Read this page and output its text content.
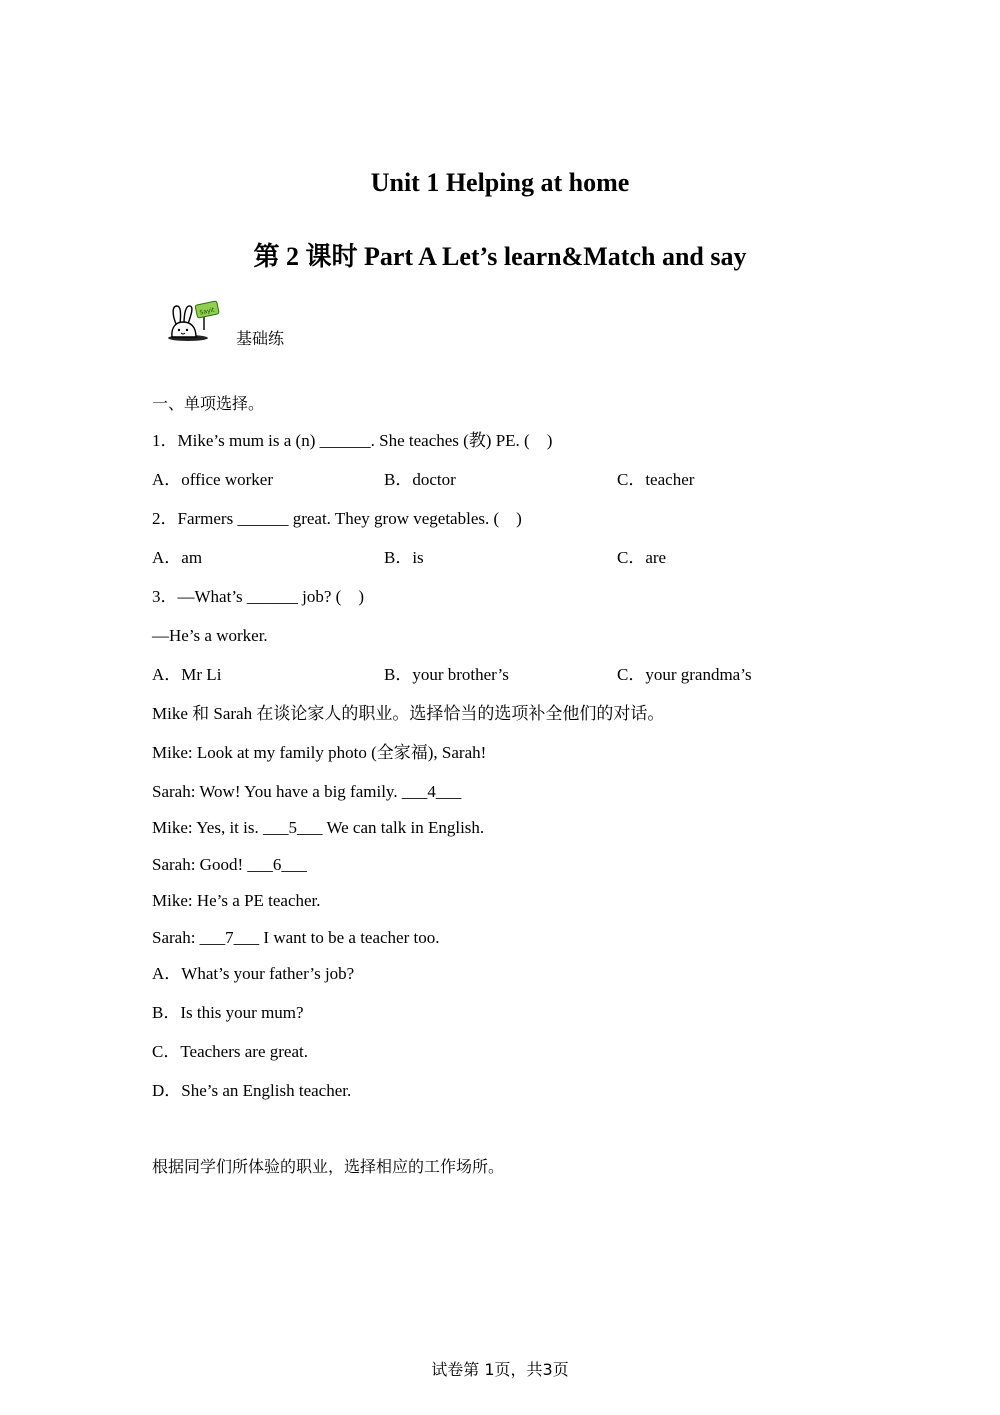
Unit 1 Helping at home
第 2 课时 Part A Let’s learn&Match and say
Sayit
基础练
一、单项选择。
1．Mike’s mum is a (n) ______. She teaches (教) PE. (　)
A．office worker	B．doctor	C．teacher
2．Farmers ______ great. They grow vegetables. (　)
A．am	B．is	C．are
3．—What’s ______ job? (　)
—He’s a worker.
A．Mr Li	B．your brother’s	C．your grandma’s
Mike 和 Sarah 在谈论家人的职业。选择恰当的选项补全他们的对话。
Mike: Look at my family photo (全家福), Sarah!
Sarah: Wow! You have a big family. ___4___
Mike: Yes, it is. ___5___ We can talk in English.
Sarah: Good! ___6___
Mike: He’s a PE teacher.
Sarah: ___7___ I want to be a teacher too.
A．What’s your father’s job?
B．Is this your mum?
C．Teachers are great.
D．She’s an English teacher.
根据同学们所体验的职业，选择相应的工作场所。
试卷第 1页，共3页
